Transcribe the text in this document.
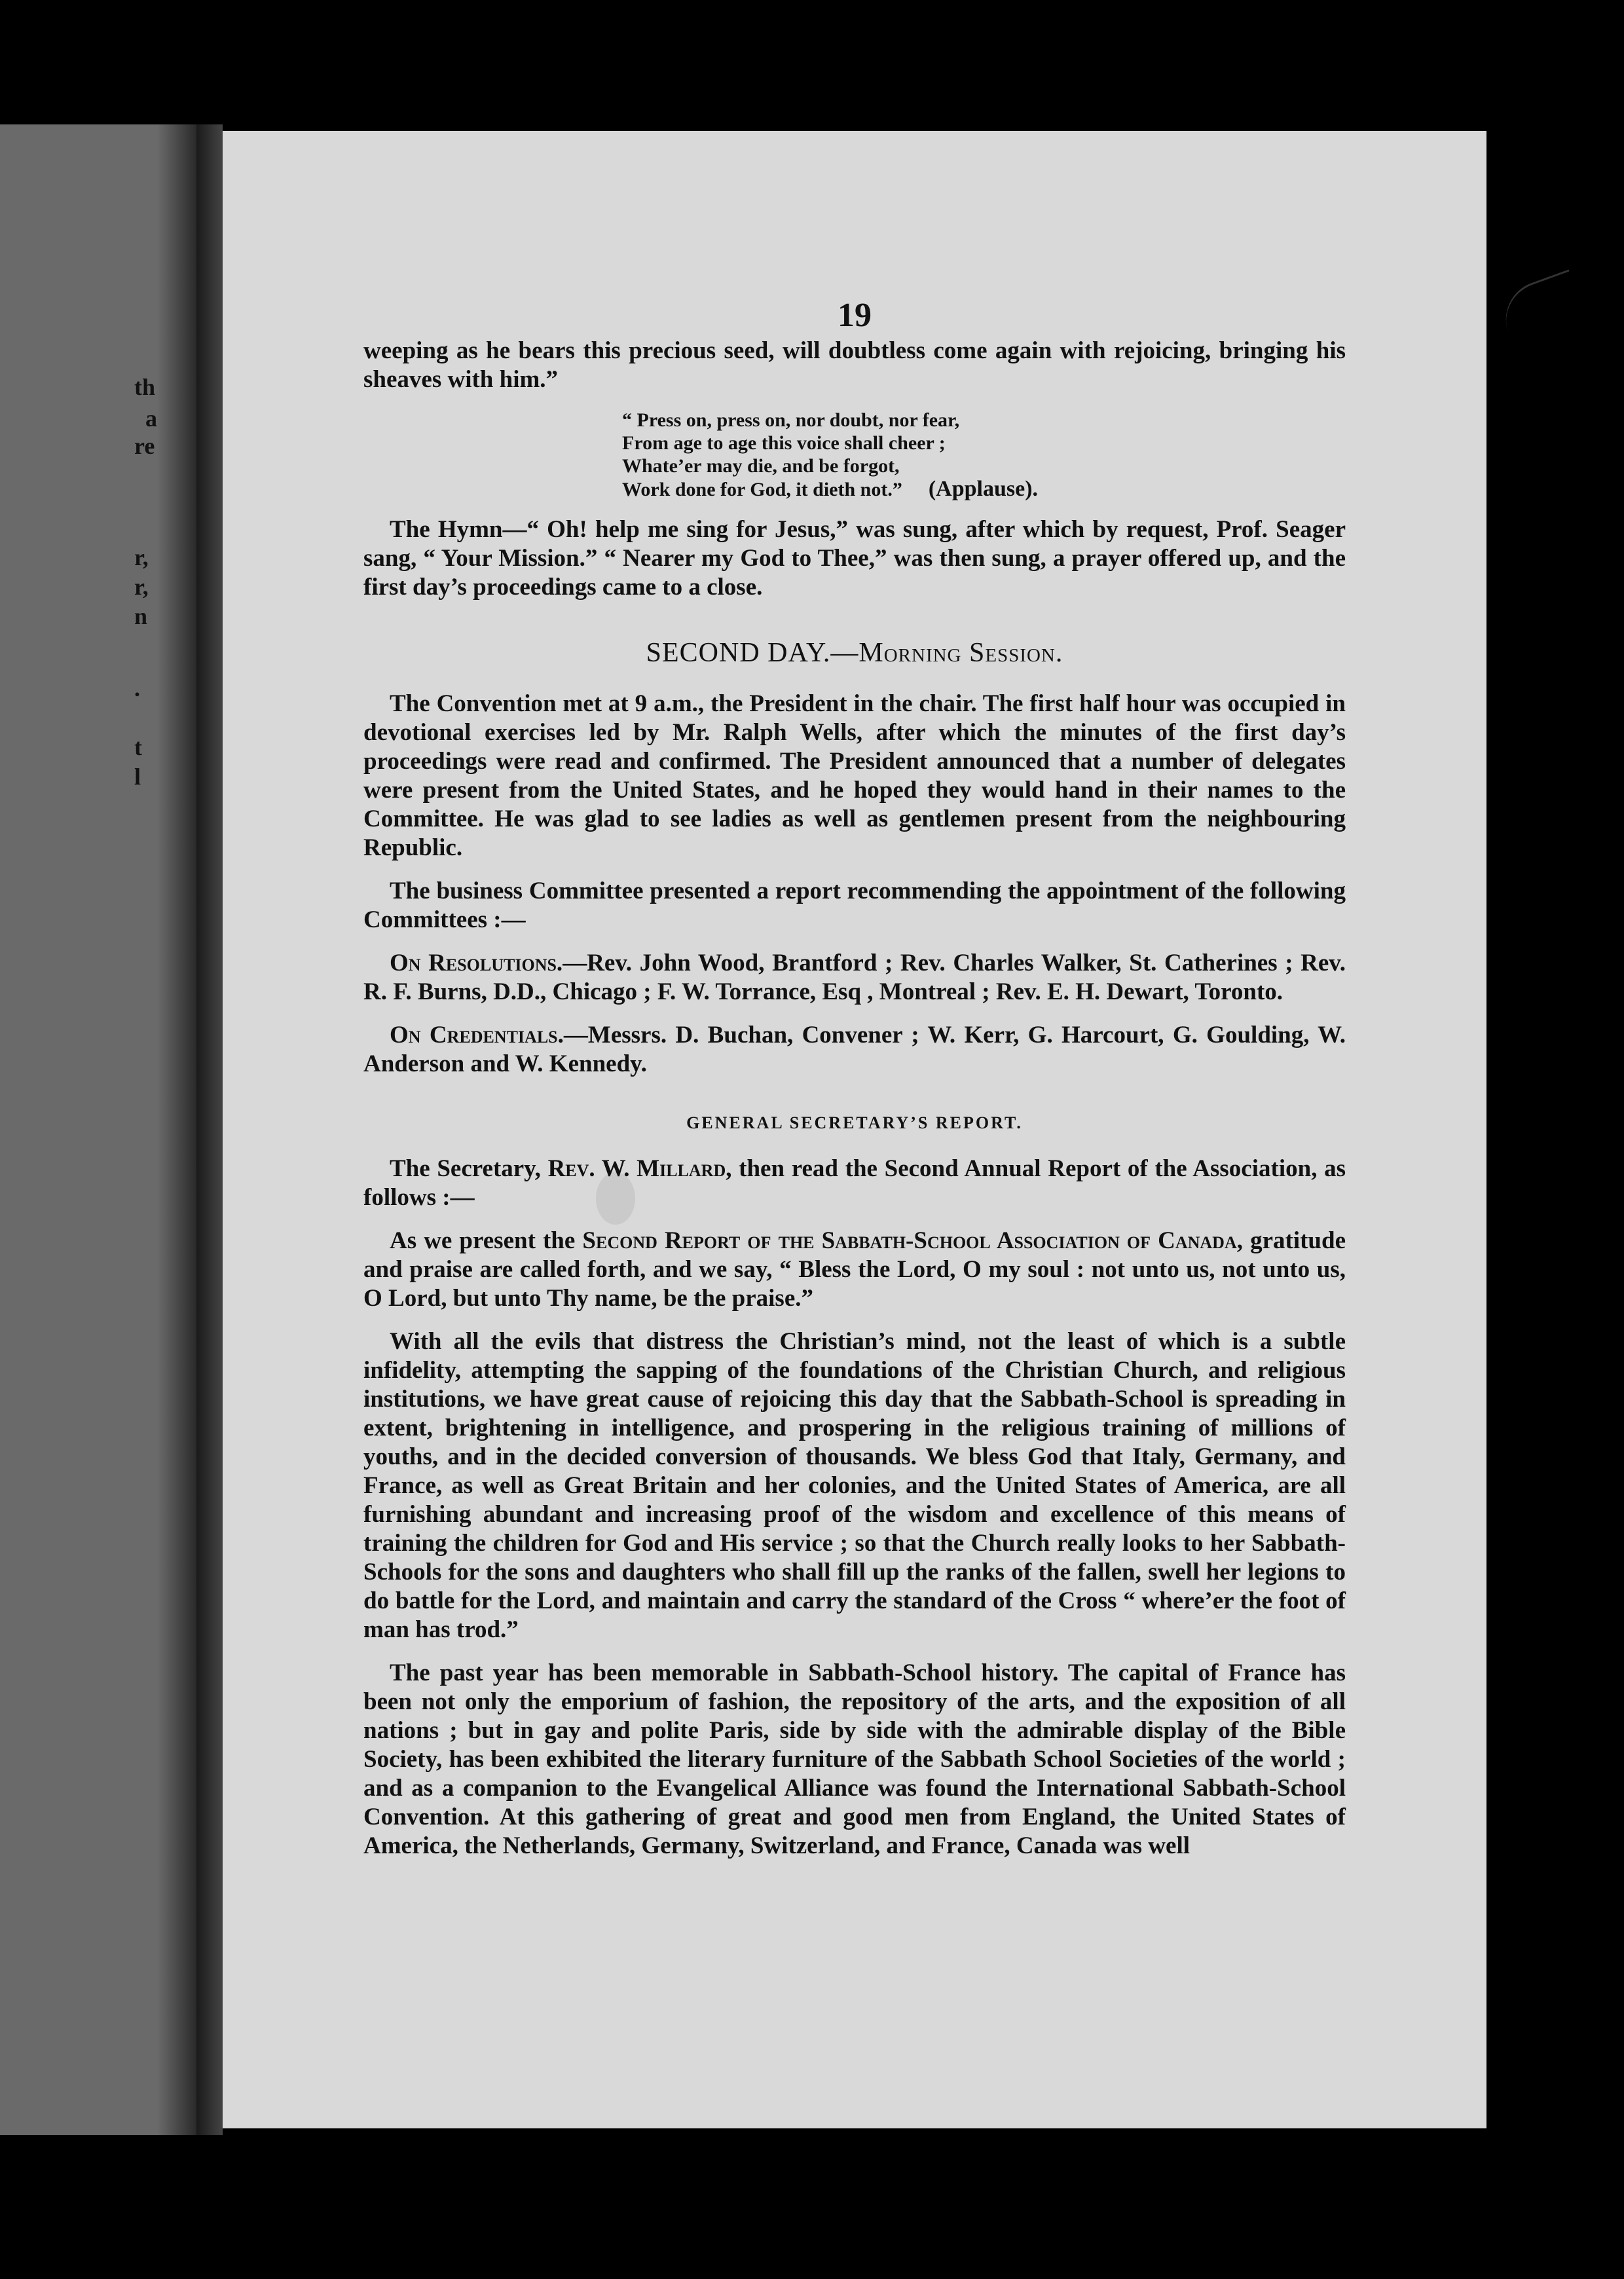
th
a
re
r,
r,
n
.
t
l
19

weeping as he bears this precious seed, will doubtless come again with rejoicing, bringing his sheaves with him.”

“ Press on, press on, nor doubt, nor fear,
From age to age this voice shall cheer ;
Whate’er may die, and be forgot,
Work done for God, it dieth not.” (Applause).

The Hymn—“ Oh! help me sing for Jesus,” was sung, after which by request, Prof. Seager sang, “ Your Mission.” “ Nearer my God to Thee,” was then sung, a prayer offered up, and the first day’s proceedings came to a close.

SECOND DAY.—Morning Session.

The Convention met at 9 a.m., the President in the chair. The first half hour was occupied in devotional exercises led by Mr. Ralph Wells, after which the minutes of the first day’s proceedings were read and confirmed. The President announced that a number of delegates were present from the United States, and he hoped they would hand in their names to the Committee. He was glad to see ladies as well as gentlemen present from the neighbouring Republic.

The business Committee presented a report recommending the appointment of the following Committees :—

On Resolutions.—Rev. John Wood, Brantford ; Rev. Charles Walker, St. Catherines ; Rev. R. F. Burns, D.D., Chicago ; F. W. Torrance, Esq , Montreal ; Rev. E. H. Dewart, Toronto.

On Credentials.—Messrs. D. Buchan, Convener ; W. Kerr, G. Harcourt, G. Goulding, W. Anderson and W. Kennedy.

GENERAL SECRETARY’S REPORT.

The Secretary, Rev. W. Millard, then read the Second Annual Report of the Association, as follows :—

As we present the Second Report of the Sabbath-School Association of Canada, gratitude and praise are called forth, and we say, “ Bless the Lord, O my soul : not unto us, not unto us, O Lord, but unto Thy name, be the praise.”

With all the evils that distress the Christian’s mind, not the least of which is a subtle infidelity, attempting the sapping of the foundations of the Christian Church, and religious institutions, we have great cause of rejoicing this day that the Sabbath-School is spreading in extent, brightening in intelligence, and prospering in the religious training of millions of youths, and in the decided conversion of thousands. We bless God that Italy, Germany, and France, as well as Great Britain and her colonies, and the United States of America, are all furnishing abundant and increasing proof of the wisdom and excellence of this means of training the children for God and His service ; so that the Church really looks to her Sabbath-Schools for the sons and daughters who shall fill up the ranks of the fallen, swell her legions to do battle for the Lord, and maintain and carry the standard of the Cross “ where’er the foot of man has trod.”

The past year has been memorable in Sabbath-School history. The capital of France has been not only the emporium of fashion, the repository of the arts, and the exposition of all nations ; but in gay and polite Paris, side by side with the admirable display of the Bible Society, has been exhibited the literary furniture of the Sabbath School Societies of the world ; and as a companion to the Evangelical Alliance was found the International Sabbath-School Convention. At this gathering of great and good men from England, the United States of America, the Netherlands, Germany, Switzerland, and France, Canada was well
